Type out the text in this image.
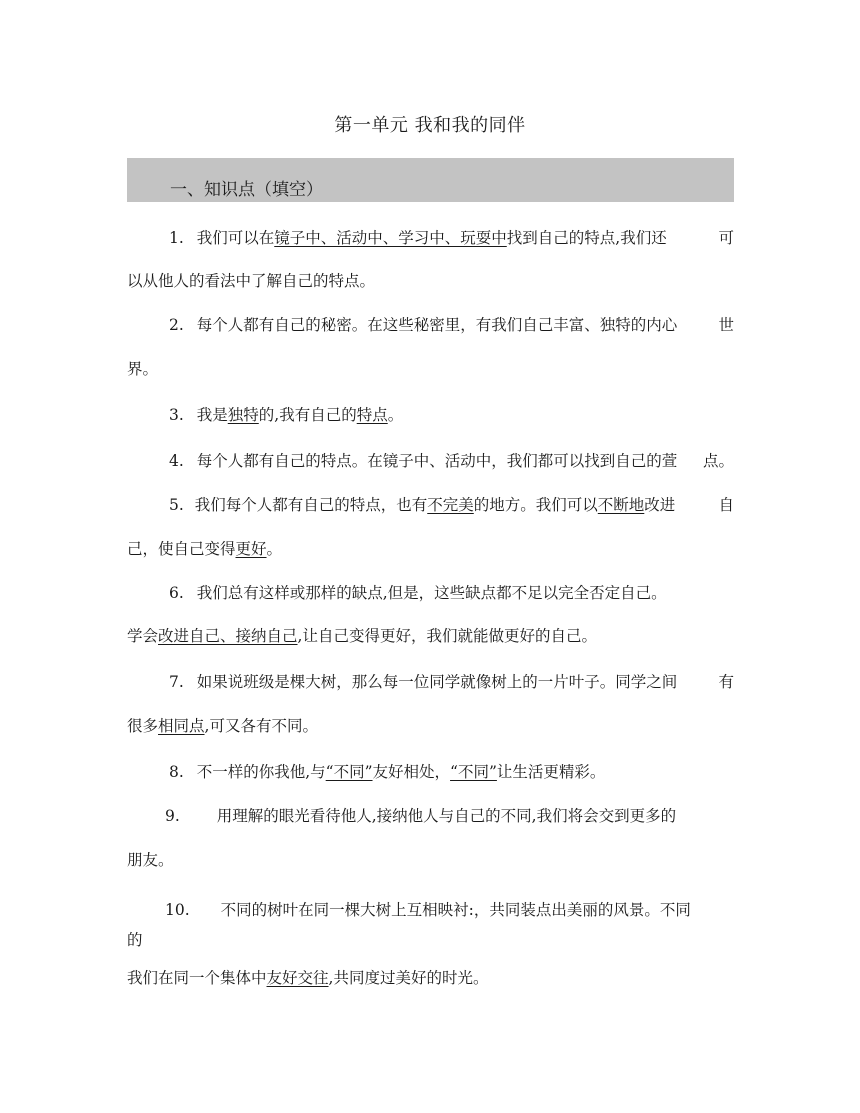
第一单元 我和我的同伴
一、知识点（填空）
1. 我们可以在镜子中、活动中、学习中、玩耍中找到自己的特点,我们还	可
以从他人的看法中了解自己的特点。
2. 每个人都有自己的秘密。在这些秘密里，有我们自己丰富、独特的内心	世
界。
3. 我是独特的,我有自己的特点。
4. 每个人都有自己的特点。在镜子中、活动中，我们都可以找到自己的萱 点。
5. 我们每个人都有自己的特点，也有不完美的地方。我们可以不断地改进	自
己，使自己变得更好。
6. 我们总有这样或那样的缺点,但是，这些缺点都不足以完全否定自己。
学会改进自己、接纳自己,让自己变得更好，我们就能做更好的自己。
7. 如果说班级是棵大树，那么每一位同学就像树上的一片叶子。同学之间	有
很多相同点,可又各有不同。
8. 不一样的你我他,与“不同”友好相处，“不同”让生活更精彩。
9. 用理解的眼光看待他人,接纳他人与自己的不同,我们将会交到更多的
朋友。
10. 不同的树叶在同一棵大树上互相映衬:，共同装点出美丽的风景。不同
的
我们在同一个集体中友好交往,共同度过美好的时光。
